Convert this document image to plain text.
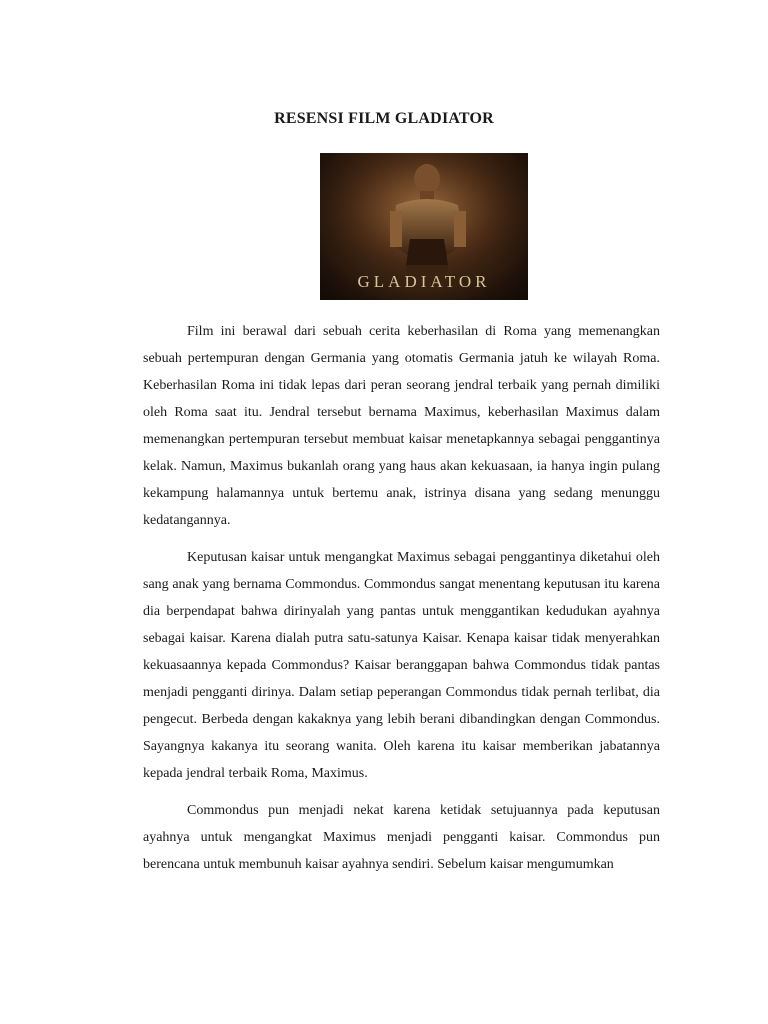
RESENSI FILM GLADIATOR
GLADIATOR

Film ini berawal dari sebuah cerita keberhasilan di Roma yang memenangkan sebuah pertempuran dengan Germania yang otomatis Germania jatuh ke wilayah Roma. Keberhasilan Roma ini tidak lepas dari peran seorang jendral terbaik yang pernah dimiliki oleh Roma saat itu. Jendral tersebut bernama Maximus, keberhasilan Maximus dalam memenangkan pertempuran tersebut membuat kaisar menetapkannya sebagai penggantinya kelak. Namun, Maximus bukanlah orang yang haus akan kekuasaan, ia hanya ingin pulang kekampung halamannya untuk bertemu anak, istrinya disana yang sedang menunggu kedatangannya.

Keputusan kaisar untuk mengangkat Maximus sebagai penggantinya diketahui oleh sang anak yang bernama Commondus. Commondus sangat menentang keputusan itu karena dia berpendapat bahwa dirinyalah yang pantas untuk menggantikan kedudukan ayahnya sebagai kaisar. Karena dialah putra satu-satunya Kaisar. Kenapa kaisar tidak menyerahkan kekuasaannya kepada Commondus? Kaisar beranggapan bahwa Commondus tidak pantas menjadi pengganti dirinya. Dalam setiap peperangan Commondus tidak pernah terlibat, dia pengecut. Berbeda dengan kakaknya yang lebih berani dibandingkan dengan Commondus. Sayangnya kakanya itu seorang wanita. Oleh karena itu kaisar memberikan jabatannya kepada jendral terbaik Roma, Maximus.

Commondus pun menjadi nekat karena ketidak setujuannya pada keputusan ayahnya untuk mengangkat Maximus menjadi pengganti kaisar. Commondus pun berencana untuk membunuh kaisar ayahnya sendiri. Sebelum kaisar mengumumkan
